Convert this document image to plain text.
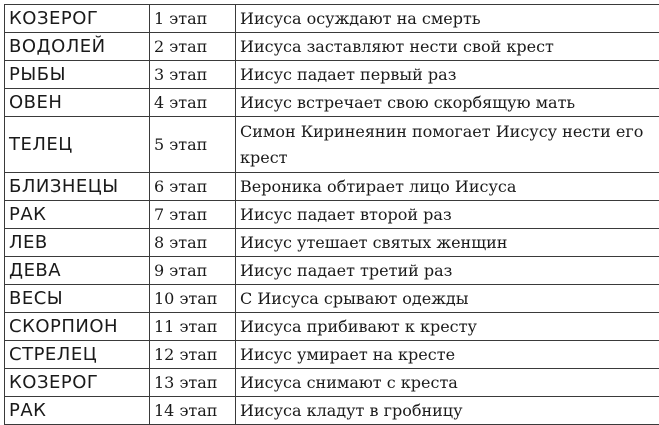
КОЗЕРОГ	1 этап	Иисуса осуждают на смерть
ВОДОЛЕЙ	2 этап	Иисуса заставляют нести свой крест
РЫБЫ	3 этап	Иисус падает первый раз
ОВЕН	4 этап	Иисус встречает свою скорбящую мать
ТЕЛЕЦ	5 этап	Симон Киринеянин помогает Иисусу нести его крест
БЛИЗНЕЦЫ	6 этап	Вероника обтирает лицо Иисуса
РАК	7 этап	Иисус падает второй раз
ЛЕВ	8 этап	Иисус утешает святых женщин
ДЕВА	9 этап	Иисус падает третий раз
ВЕСЫ	10 этап	С Иисуса срывают одежды
СКОРПИОН	11 этап	Иисуса прибивают к кресту
СТРЕЛЕЦ	12 этап	Иисус умирает на кресте
КОЗЕРОГ	13 этап	Иисуса снимают с креста
РАК	14 этап	Иисуса кладут в гробницу
